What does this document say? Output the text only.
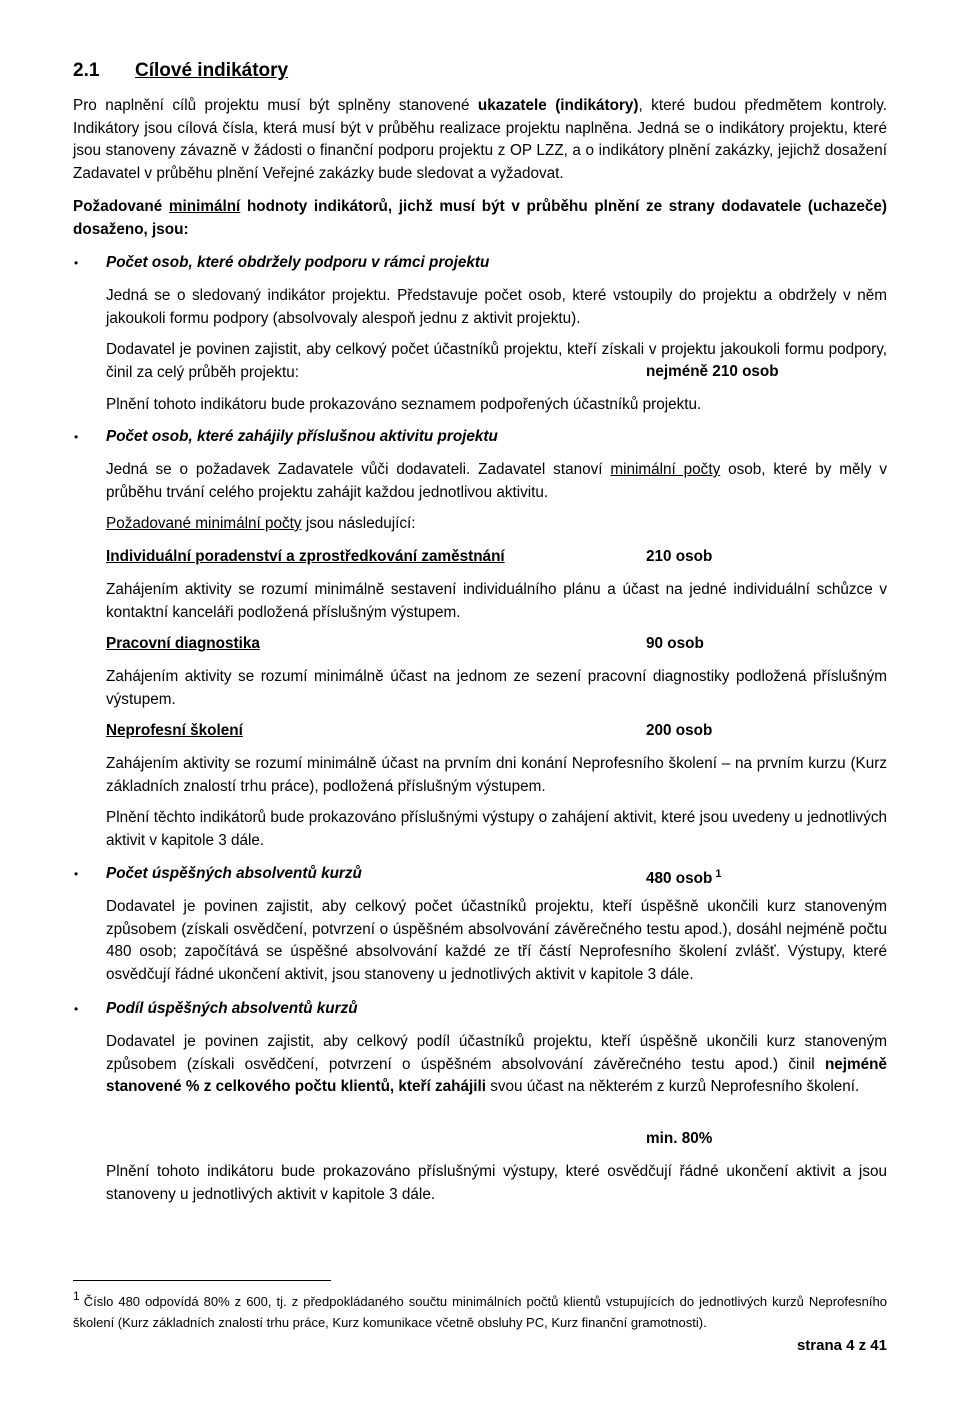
2.1 Cílové indikátory
Pro naplnění cílů projektu musí být splněny stanovené ukazatele (indikátory), které budou předmětem kontroly. Indikátory jsou cílová čísla, která musí být v průběhu realizace projektu naplněna. Jedná se o indikátory projektu, které jsou stanoveny závazně v žádosti o finanční podporu projektu z OP LZZ, a o indikátory plnění zakázky, jejichž dosažení Zadavatel v průběhu plnění Veřejné zakázky bude sledovat a vyžadovat.
Požadované minimální hodnoty indikátorů, jichž musí být v průběhu plnění ze strany dodavatele (uchazeče) dosaženo, jsou:
• Počet osob, které obdržely podporu v rámci projektu
Jedná se o sledovaný indikátor projektu. Představuje počet osob, které vstoupily do projektu a obdržely v něm jakoukoli formu podpory (absolvovaly alespoň jednu z aktivit projektu).
Dodavatel je povinen zajistit, aby celkový počet účastníků projektu, kteří získali v projektu jakoukoli formu podpory, činil za celý průběh projektu:	nejméně 210 osob
Plnění tohoto indikátoru bude prokazováno seznamem podpořených účastníků projektu.
• Počet osob, které zahájily příslušnou aktivitu projektu
Jedná se o požadavek Zadavatele vůči dodavateli. Zadavatel stanoví minimální počty osob, které by měly v průběhu trvání celého projektu zahájit každou jednotlivou aktivitu.
Požadované minimální počty jsou následující:
Individuální poradenství a zprostředkování zaměstnání	210 osob
Zahájením aktivity se rozumí minimálně sestavení individuálního plánu a účast na jedné individuální schůzce v kontaktní kanceláři podložená příslušným výstupem.
Pracovní diagnostika	90 osob
Zahájením aktivity se rozumí minimálně účast na jednom ze sezení pracovní diagnostiky podložená příslušným výstupem.
Neprofesní školení	200 osob
Zahájením aktivity se rozumí minimálně účast na prvním dni konání Neprofesního školení – na prvním kurzu (Kurz základních znalostí trhu práce), podložená příslušným výstupem.
Plnění těchto indikátorů bude prokazováno příslušnými výstupy o zahájení aktivit, které jsou uvedeny u jednotlivých aktivit v kapitole 3 dále.
• Počet úspěšných absolventů kurzů	480 osob $^1$
Dodavatel je povinen zajistit, aby celkový počet účastníků projektu, kteří úspěšně ukončili kurz stanoveným způsobem (získali osvědčení, potvrzení o úspěšném absolvování závěrečného testu apod.), dosáhl nejméně počtu 480 osob; započítává se úspěšné absolvování každé ze tří částí Neprofesního školení zvlášť. Výstupy, které osvědčují řádné ukončení aktivit, jsou stanoveny u jednotlivých aktivit v kapitole 3 dále.
• Podíl úspěšných absolventů kurzů
Dodavatel je povinen zajistit, aby celkový podíl účastníků projektu, kteří úspěšně ukončili kurz stanoveným způsobem (získali osvědčení, potvrzení o úspěšném absolvování závěrečného testu apod.) činil nejméně stanovené % z celkového počtu klientů, kteří zahájili svou účast na některém z kurzů Neprofesního školení.
min. 80%
Plnění tohoto indikátoru bude prokazováno příslušnými výstupy, které osvědčují řádné ukončení aktivit a jsou stanoveny u jednotlivých aktivit v kapitole 3 dále.
$^1$ Číslo 480 odpovídá 80% z 600, tj. z předpokládaného součtu minimálních počtů klientů vstupujících do jednotlivých kurzů Neprofesního školení (Kurz základních znalostí trhu práce, Kurz komunikace včetně obsluhy PC, Kurz finanční gramotnosti).
strana 4 z 41
